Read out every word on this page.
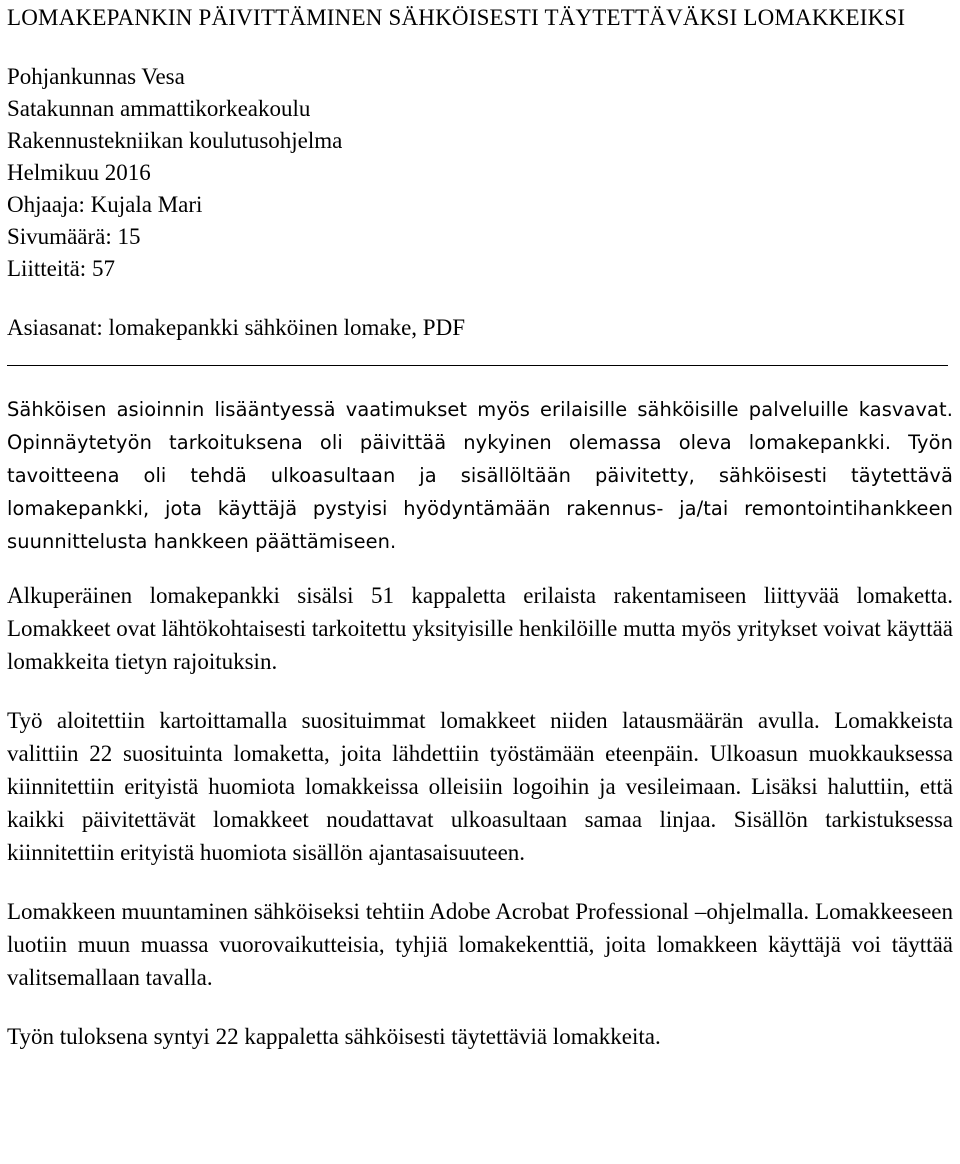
LOMAKEPANKIN PÄIVITTÄMINEN SÄHKÖISESTI TÄYTETTÄVÄKSI LOMAKKEIKSI
Pohjankunnas Vesa
Satakunnan ammattikorkeakoulu
Rakennustekniikan koulutusohjelma
Helmikuu 2016
Ohjaaja: Kujala Mari
Sivumäärä: 15
Liitteitä: 57
Asiasanat: lomakepankki sähköinen lomake, PDF

Sähköisen asioinnin lisääntyessä vaatimukset myös erilaisille sähköisille palveluille kasvavat. Opinnäytetyön tarkoituksena oli päivittää nykyinen olemassa oleva lomakepankki. Työn tavoitteena oli tehdä ulkoasultaan ja sisällöltään päivitetty, sähköisesti täytettävä lomakepankki, jota käyttäjä pystyisi hyödyntämään rakennus- ja/tai remontointihankkeen suunnittelusta hankkeen päättämiseen.

Alkuperäinen lomakepankki sisälsi 51 kappaletta erilaista rakentamiseen liittyvää lomaketta. Lomakkeet ovat lähtökohtaisesti tarkoitettu yksityisille henkilöille mutta myös yritykset voivat käyttää lomakkeita tietyn rajoituksin.

Työ aloitettiin kartoittamalla suosituimmat lomakkeet niiden latausmäärän avulla. Lomakkeista valittiin 22 suosituinta lomaketta, joita lähdettiin työstämään eteenpäin. Ulkoasun muokkauksessa kiinnitettiin erityistä huomiota lomakkeissa olleisiin logoihin ja vesileimaan. Lisäksi haluttiin, että kaikki päivitettävät lomakkeet noudattavat ulkoasultaan samaa linjaa. Sisällön tarkistuksessa kiinnitettiin erityistä huomiota sisällön ajantasaisuuteen.

Lomakkeen muuntaminen sähköiseksi tehtiin Adobe Acrobat Professional –ohjelmalla. Lomakkeeseen luotiin muun muassa vuorovaikutteisia, tyhjiä lomakekenttiä, joita lomakkeen käyttäjä voi täyttää valitsemallaan tavalla.

Työn tuloksena syntyi 22 kappaletta sähköisesti täytettäviä lomakkeita.
